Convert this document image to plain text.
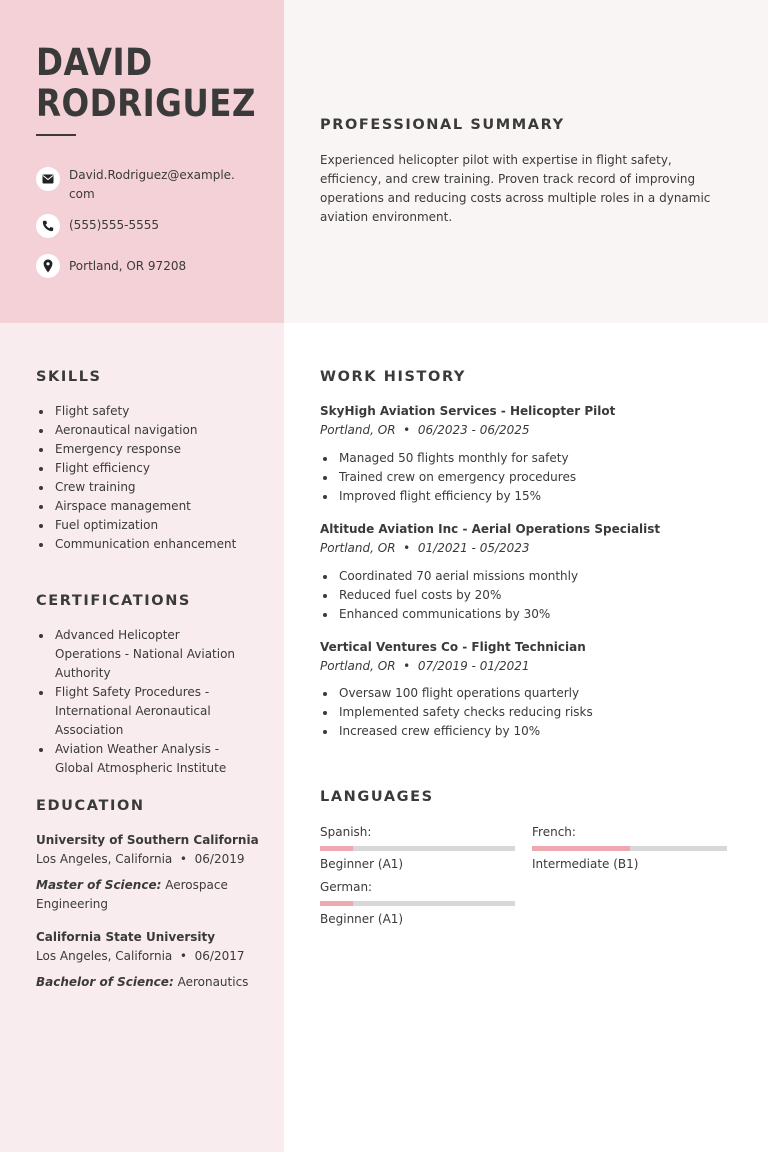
DAVID
RODRIGUEZ
David.Rodriguez@example.com
(555)555-5555
Portland, OR 97208
PROFESSIONAL SUMMARY
Experienced helicopter pilot with expertise in flight safety, efficiency, and crew training. Proven track record of improving operations and reducing costs across multiple roles in a dynamic aviation environment.
SKILLS
Flight safety
Aeronautical navigation
Emergency response
Flight efficiency
Crew training
Airspace management
Fuel optimization
Communication enhancement
CERTIFICATIONS
Advanced Helicopter Operations - National Aviation Authority
Flight Safety Procedures - International Aeronautical Association
Aviation Weather Analysis - Global Atmospheric Institute
EDUCATION
University of Southern California
Los Angeles, California  •  06/2019
Master of Science: Aerospace Engineering
California State University
Los Angeles, California  •  06/2017
Bachelor of Science: Aeronautics
WORK HISTORY
SkyHigh Aviation Services - Helicopter Pilot
Portland, OR  •  06/2023 - 06/2025
Managed 50 flights monthly for safety
Trained crew on emergency procedures
Improved flight efficiency by 15%
Altitude Aviation Inc - Aerial Operations Specialist
Portland, OR  •  01/2021 - 05/2023
Coordinated 70 aerial missions monthly
Reduced fuel costs by 20%
Enhanced communications by 30%
Vertical Ventures Co - Flight Technician
Portland, OR  •  07/2019 - 01/2021
Oversaw 100 flight operations quarterly
Implemented safety checks reducing risks
Increased crew efficiency by 10%
LANGUAGES
Spanish:
Beginner (A1)
French:
Intermediate (B1)
German:
Beginner (A1)
